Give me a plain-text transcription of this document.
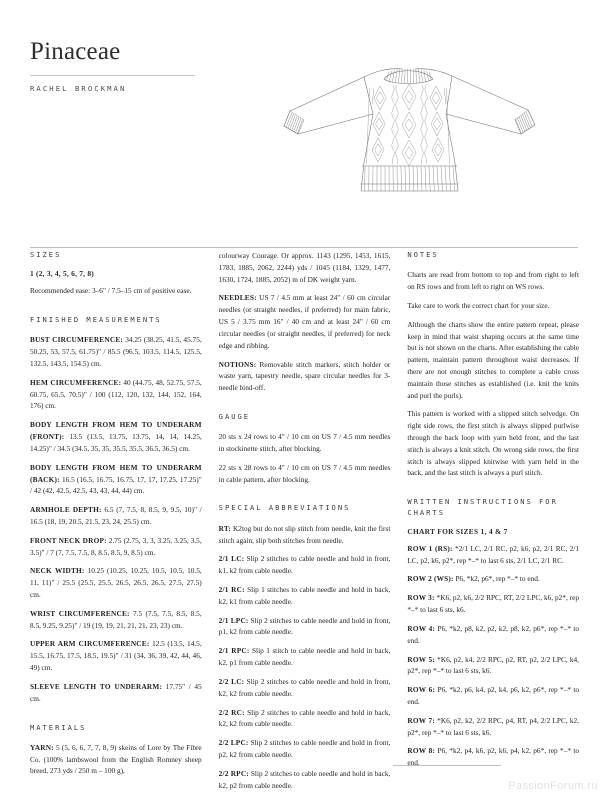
Pinaceae
RACHEL BROCKMAN
SIZES
1 (2, 3, 4, 5, 6, 7, 8)

Recommended ease: 3–6" / 7.5–15 cm of positive ease.

FINISHED MEASUREMENTS

BUST CIRCUMFERENCE: 34.25 (38.25, 41.5, 45.75, 50.25, 53, 57.5, 61.75)" / 85.5 (96.5, 103.5, 114.5, 125.5, 132.5, 143.5, 154.5) cm.

HEM CIRCUMFERENCE: 40 (44.75, 48, 52.75, 57.5, 60.75, 65.5, 70.5)" / 100 (112, 120, 132, 144, 152, 164, 176) cm.

BODY LENGTH FROM HEM TO UNDERARM (FRONT): 13.5 (13.5, 13.75, 13.75, 14, 14, 14.25, 14.25)" / 34.5 (34.5, 35, 35, 35.5, 35.5, 36.5, 36.5) cm.

BODY LENGTH FROM HEM TO UNDERARM (BACK): 16.5 (16.5, 16.75, 16.75, 17, 17, 17.25, 17.25)" / 42 (42, 42.5, 42.5, 43, 43, 44, 44) cm.

ARMHOLE DEPTH: 6.5 (7, 7.5, 8, 8.5, 9, 9.5, 10)" / 16.5 (18, 19, 20.5, 21.5, 23, 24, 25.5) cm.

FRONT NECK DROP: 2.75 (2.75, 3, 3, 3.25, 3.25, 3.5, 3.5)" / 7 (7, 7.5, 7.5, 8, 8.5, 8.5, 9, 8.5) cm.

NECK WIDTH: 10.25 (10.25, 10.25, 10.5, 10.5, 10.5, 11, 11)" / 25.5 (25.5, 25.5, 26.5, 26.5, 26.5, 27.5, 27.5) cm.

WRIST CIRCUMFERENCE: 7.5 (7.5, 7.5, 8.5, 8.5, 8.5, 9.25, 9.25)" / 19 (19, 19, 21, 21, 21, 23, 23) cm.

UPPER ARM CIRCUMFERENCE: 12.5 (13.5, 14.5, 15.5, 16.75, 17.5, 18.5, 19.5)" / 31 (34, 36, 39, 42, 44, 46, 49) cm.

SLEEVE LENGTH TO UNDERARM: 17.75" / 45 cm.

MATERIALS

YARN: 5 (5, 6, 6, 7, 7, 8, 9) skeins of Lore by The Fibre Co. (100% lambswool from the English Romney sheep breed, 273 yds / 250 m – 100 g),

colourway Courage. Or approx. 1143 (1295, 1453, 1615, 1783, 1885, 2062, 2244) yds / 1045 (1184, 1329, 1477, 1630, 1724, 1885, 2052) m of DK weight yarn.

NEEDLES: US 7 / 4.5 mm at least 24" / 60 cm circular needles (or straight needles, if preferred) for main fabric, US 5 / 3.75 mm 16" / 40 cm and at least 24" / 60 cm circular needles (or straight needles, if preferred) for neck edge and ribbing.

NOTIONS: Removable stitch markers, stitch holder or waste yarn, tapestry needle, spare circular needles for 3-needle bind-off.

GAUGE

20 sts x 24 rows to 4" / 10 cm on US 7 / 4.5 mm needles in stockinette stitch, after blocking.

22 sts x 28 rows to 4" / 10 cm on US 7 / 4.5 mm needles in cable pattern, after blocking.

SPECIAL ABBREVIATIONS

RT: K2tog but do not slip stitch from needle, knit the first stitch again, slip both stitches from needle.

2/1 LC: Slip 2 stitches to cable needle and hold in front, k1, k2 from cable needle.

2/1 RC: Slip 1 stitches to cable needle and hold in back, k2, k1 from cable needle.

2/1 LPC: Slip 2 stitches to cable needle and hold in front, p1, k2 from cable needle.

2/1 RPC: Slip 1 stitch to cable needle and hold in back, k2, p1 from cable needle.

2/2 LC: Slip 2 stitches to cable needle and hold in front, k2, k2 from cable needle.

2/2 RC: Slip 2 stitches to cable needle and hold in back, k2, k2 from cable needle.

2/2 LPC: Slip 2 stitches to cable needle and hold in front, p2, k2 from cable needle.

2/2 RPC: Slip 2 stitches to cable needle and hold in back, k2, p2 from cable needle.

NOTES

Charts are read from bottom to top and from right to left on RS rows and from left to right on WS rows.

Take care to work the correct chart for your size.

Although the charts show the entire pattern repeat, please keep in mind that waist shaping occurs at the same time but is not shown on the charts. After establishing the cable pattern, maintain pattern throughout waist decreases. If there are not enough stitches to complete a cable cross maintain those stitches as established (i.e. knit the knits and purl the purls).

This pattern is worked with a slipped stitch selvedge. On right side rows, the first stitch is always slipped purlwise through the back loop with yarn held front, and the last stitch is always a knit stitch. On wrong side rows, the first stitch is always slipped knitwise with yarn held in the back, and the last stitch is always a purl stitch.

WRITTEN INSTRUCTIONS FOR CHARTS
CHART FOR SIZES 1, 4 & 7

ROW 1 (RS): *2/1 LC, 2/1 RC, p2, k6, p2, 2/1 RC, 2/1 LC, p2, k6, p2*, rep *–* to last 6 sts, 2/1 LC, 2/1 RC.

ROW 2 (WS): P6, *k2, p6*, rep *–* to end.

ROW 3: *K6, p2, k6, 2/2 RPC, RT, 2/2 LPC, k6, p2*, rep *–* to last 6 sts, k6.

ROW 4: P6, *k2, p8, k2, p2, k2, p8, k2, p6*, rep *–* to end.

ROW 5: *K6, p2, k4, 2/2 RPC, p2, RT, p2, 2/2 LPC, k4, p2*, rep *–* to last 6 sts, k6.

ROW 6: P6, *k2, p6, k4, p2, k4, p6, k2, p6*, rep *–* to end.

ROW 7: *K6, p2, k2, 2/2 RPC, p4, RT, p4, 2/2 LPC, k2, p2*, rep *–* to last 6 sts, k6.

ROW 8: P6, *k2, p4, k6, p2, k6, p4, k2, p6*, rep *–* to end.

PassionForum.ru
